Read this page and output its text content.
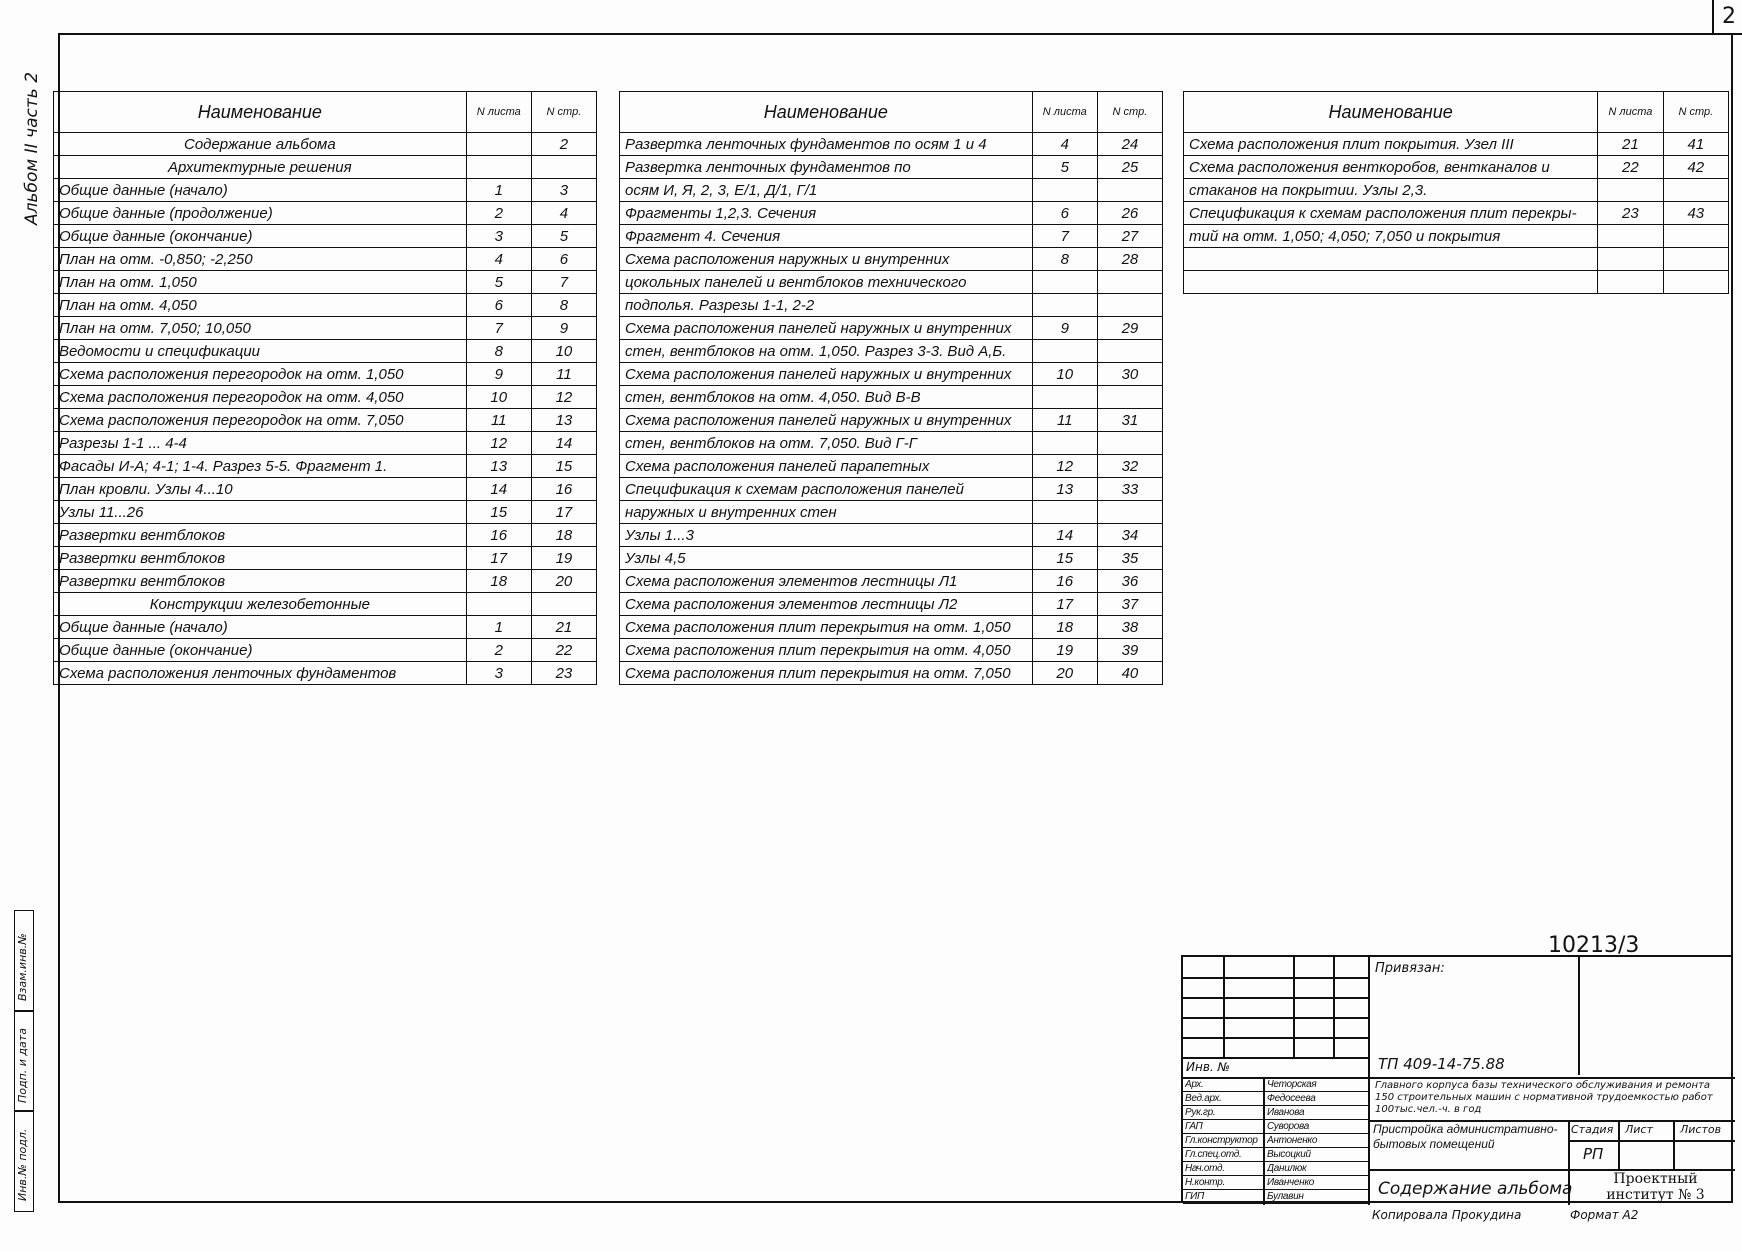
2
Альбом II часть 2
Инв.№ подл.
Подп. и дата
Взам.инв.№
Наименование	N листа	N стр.
Содержание альбома		2
Архитектурные решения		
Общие данные (начало)	1	3
Общие данные (продолжение)	2	4
Общие данные (окончание)	3	5
План на отм. -0,850; -2,250	4	6
План на отм. 1,050	5	7
План на отм. 4,050	6	8
План на отм. 7,050; 10,050	7	9
Ведомости и спецификации	8	10
Схема расположения перегородок на отм. 1,050	9	11
Схема расположения перегородок на отм. 4,050	10	12
Схема расположения перегородок на отм. 7,050	11	13
Разрезы 1-1 ... 4-4	12	14
Фасады И-А; 4-1; 1-4. Разрез 5-5. Фрагмент 1.	13	15
План кровли. Узлы 4...10	14	16
Узлы 11...26	15	17
Развертки вентблоков	16	18
Развертки вентблоков	17	19
Развертки вентблоков	18	20
Конструкции железобетонные		
Общие данные (начало)	1	21
Общие данные (окончание)	2	22
Схема расположения ленточных фундаментов	3	23
Наименование	N листа	N стр.
Развертка ленточных фундаментов по осям 1 и 4	4	24
Развертка ленточных фундаментов по	5	25
осям И, Я, 2, 3, Е/1, Д/1, Г/1		
Фрагменты 1,2,3. Сечения	6	26
Фрагмент 4. Сечения	7	27
Схема расположения наружных и внутренних	8	28
цокольных панелей и вентблоков технического		
подполья. Разрезы 1-1, 2-2		
Схема расположения панелей наружных и внутренних	9	29
стен, вентблоков на отм. 1,050. Разрез 3-3. Вид А,Б.		
Схема расположения панелей наружных и внутренних	10	30
стен, вентблоков на отм. 4,050. Вид В-В		
Схема расположения панелей наружных и внутренних	11	31
стен, вентблоков на отм. 7,050. Вид Г-Г		
Схема расположения панелей парапетных	12	32
Спецификация к схемам расположения панелей	13	33
наружных и внутренних стен		
Узлы 1...3	14	34
Узлы 4,5	15	35
Схема расположения элементов лестницы Л1	16	36
Схема расположения элементов лестницы Л2	17	37
Схема расположения плит перекрытия на отм. 1,050	18	38
Схема расположения плит перекрытия на отм. 4,050	19	39
Схема расположения плит перекрытия на отм. 7,050	20	40
Наименование	N листа	N стр.
Схема расположения плит покрытия. Узел III	21	41
Схема расположения венткоробов, вентканалов и	22	42
стаканов на покрытии. Узлы 2,3.		
Спецификация к схемам расположения плит перекры-	23	43
тий на отм. 1,050; 4,050; 7,050 и покрытия		

Привязан:
10213/3
Инв. №	ТП 409-14-75.88
Главного корпуса базы технического обслуживания и ремонта 150 строительных машин с нормативной трудоемкостью работ 100тыс.чел.-ч. в год
Пристройка административно-бытовых помещений
Стадия Лист Листов
РП
Содержание альбома	Проектный институт № 3
Арх.	Четорская
Вед.арх.	Федосеева
Рук.гр.	Иванова
ГАП	Суворова
Гл.конструктор Антоненко
Гл.спец.отд.	Высоцкий
Нач.отд.	Данилюк
Н.контр.	Иванченко
ГИП	Булавин
Копировала Прокудина	Формат А2
